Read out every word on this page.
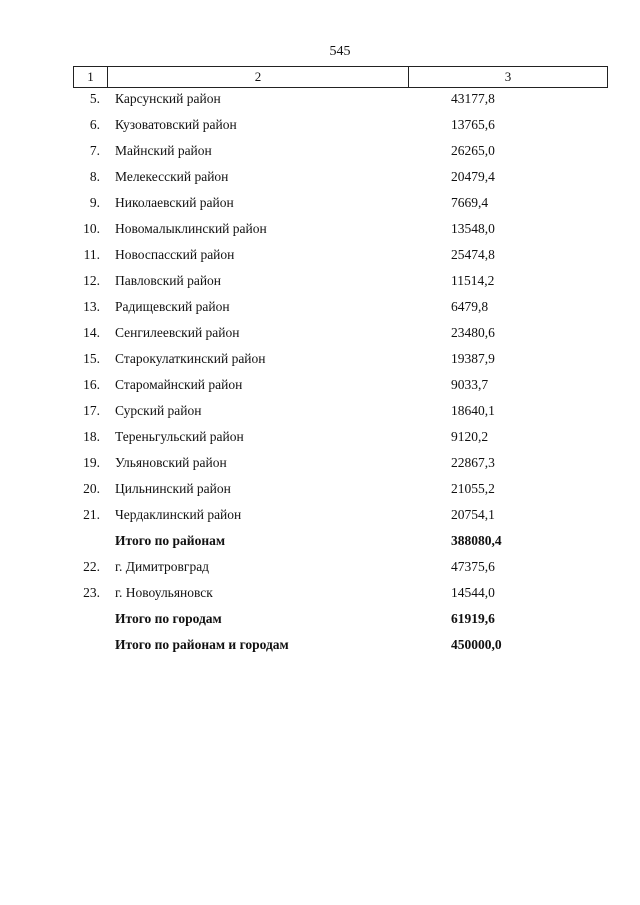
545
1	2	3
5. Карсунский район	43177,8
6. Кузоватовский район	13765,6
7. Майнский район	26265,0
8. Мелекесский район	20479,4
9. Николаевский район	7669,4
10. Новомалыклинский район	13548,0
11. Новоспасский район	25474,8
12. Павловский район	11514,2
13. Радищевский район	6479,8
14. Сенгилеевский район	23480,6
15. Старокулаткинский район	19387,9
16. Старомайнский район	9033,7
17. Сурский район	18640,1
18. Тереньгульский район	9120,2
19. Ульяновский район	22867,3
20. Цильнинский район	21055,2
21. Чердаклинский район	20754,1
Итого по районам	388080,4
22. г. Димитровград	47375,6
23. г. Новоульяновск	14544,0
Итого по городам	61919,6
Итого по районам и городам	450000,0
